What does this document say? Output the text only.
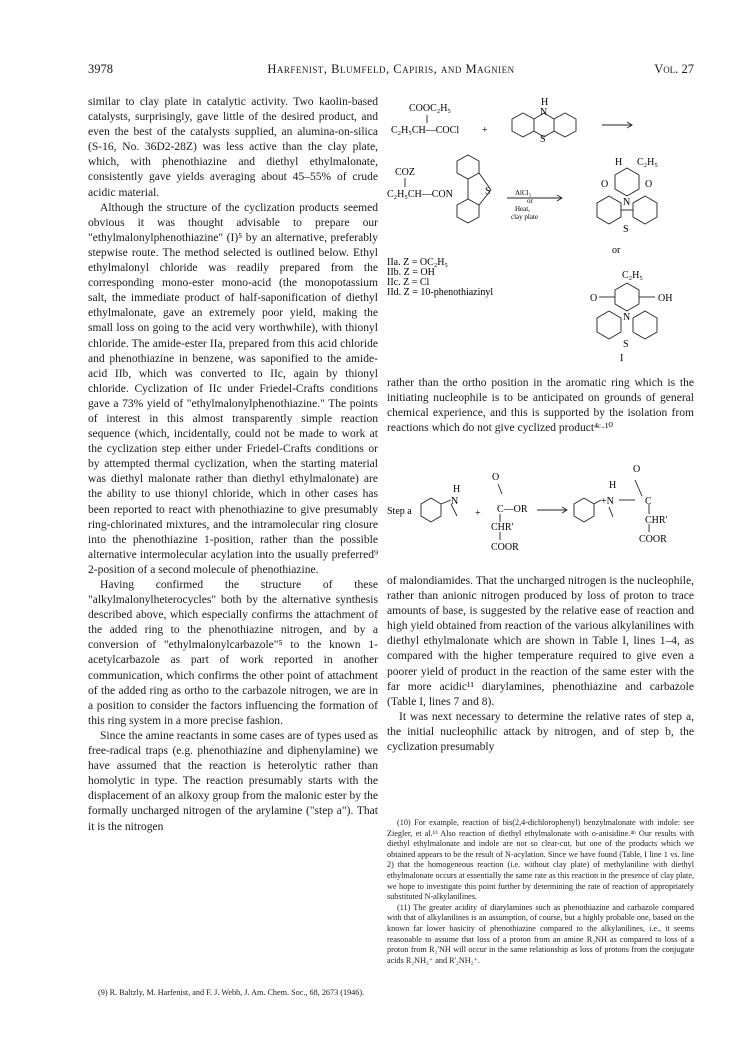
3978	Harfenist, Blumfeld, Capiris, and Magnien	Vol. 27

similar to clay plate in catalytic activity. Two kaolin-based catalysts, surprisingly, gave little of the desired product, and even the best of the catalysts supplied, an alumina-on-silica (S-16, No. 36D2-28Z) was less active than the clay plate, which, with phenothiazine and diethyl ethylmalonate, consistently gave yields averaging about 45–55% of crude acidic material.

Although the structure of the cyclization products seemed obvious it was thought advisable to prepare our "ethylmalonylphenothiazine" (I)⁵ by an alternative, preferably stepwise route. The method selected is outlined below. Ethyl ethylmalonyl chloride was readily prepared from the corresponding mono-ester mono-acid (the monopotassium salt, the immediate product of half-saponification of diethyl ethylmalonate, gave an extremely poor yield, making the small loss on going to the acid very worthwhile), with thionyl chloride. The amide-ester IIa, prepared from this acid chloride and phenothiazine in benzene, was saponified to the amide-acid IIb, which was converted to IIc, again by thionyl chloride. Cyclization of IIc under Friedel-Crafts conditions gave a 73% yield of "ethylmalonylphenothiazine." The points of interest in this almost transparently simple reaction sequence (which, incidentally, could not be made to work at the cyclization step either under Friedel-Crafts conditions or by attempted thermal cyclization, when the starting material was diethyl malonate rather than diethyl ethylmalonate) are the ability to use thionyl chloride, which in other cases has been reported to react with phenothiazine to give presumably ring-chlorinated mixtures, and the intramolecular ring closure into the phenothiazine 1-position, rather than the possible alternative intermolecular acylation into the usually preferred⁹ 2-position of a second molecule of phenothiazine.

Having confirmed the structure of these "alkylmalonylheterocycles" both by the alternative synthesis described above, which especially confirms the attachment of the added ring to the phenothiazine nitrogen, and by a conversion of "ethylmalonylcarbazole"⁵ to the known 1-acetylcarbazole as part of work reported in another communication, which confirms the other point of attachment of the added ring as ortho to the carbazole nitrogen, we are in a position to consider the factors influencing the formation of this ring system in a more precise fashion.

Since the amine reactants in some cases are of types used as free-radical traps (e.g. phenothiazine and diphenylamine) we have assumed that the reaction is heterolytic rather than homolytic in type. The reaction presumably starts with the displacement of an alkoxy group from the malonic ester by the formally uncharged nitrogen of the arylamine ("step a"). That it is the nitrogen

(9) R. Baltzly, M. Harfenist, and F. J. Webb, J. Am. Chem. Soc., 68, 2673 (1946).

COOC₂H₅
C₂H₅CH—COCl +
H
N
S
COZ
C₂H₅CH—CON	S	AlCl₃
or
Heat,
clay plate
H C₂H₅
O	O
N
S
or
C₂H₅
O	OH
N
S
I
IIa. Z = OC₂H₅
IIb. Z = OH
IIc. Z = Cl
IId. Z = 10-phenothiazinyl

rather than the ortho position in the aromatic ring which is the initiating nucleophile is to be anticipated on grounds of general chemical experience, and this is supported by the isolation from reactions which do not give cyclized product⁴ᶜ·¹⁰

Step a
H
N
+
O
C—OR
CHR'
COOR
H
O
+N	C
CHR'
COOR

of malondiamides. That the uncharged nitrogen is the nucleophile, rather than anionic nitrogen produced by loss of proton to trace amounts of base, is suggested by the relative ease of reaction and high yield obtained from reaction of the various alkylanilines with diethyl ethylmalonate which are shown in Table I, lines 1–4, as compared with the higher temperature required to give even a poorer yield of product in the reaction of the same ester with the far more acidic¹¹ diarylamines, phenothiazine and carbazole (Table I, lines 7 and 8).

It was next necessary to determine the relative rates of step a, the initial nucleophilic attack by nitrogen, and of step b, the cyclization presumably

(10) For example, reaction of bis(2,4-dichlorophenyl) benzylmalonate with indole: see Ziegler, et al.¹³ Also reaction of diethyl ethylmalonate with o-anisidine.⁴ᵇ Our results with diethyl ethylmalonate and indole are not so clear-cut, but one of the products which we obtained appears to be the result of N-acylation. Since we have found (Table, I line 1 vs. line 2) that the homogeneous reaction (i.e. without clay plate) of methylaniline with diethyl ethylmalonate occurs at essentially the same rate as this reaction in the presence of clay plate, we hope to investigate this point further by determining the rate of reaction of appropriately substituted N-alkylanilines.

(11) The greater acidity of diarylamines such as phenothiazine and carbazole compared with that of alkylanilines is an assumption, of course, but a highly probable one, based on the known far lower basicity of phenothiazine compared to the alkylanilines, i.e., it seems reasonable to assume that loss of a proton from an amine R₂NH as compared to loss of a proton from R₂'NH will occur in the same relationship as loss of protons from the conjugate acids R₂NH₂⁺ and R'₂NH₂⁺.
